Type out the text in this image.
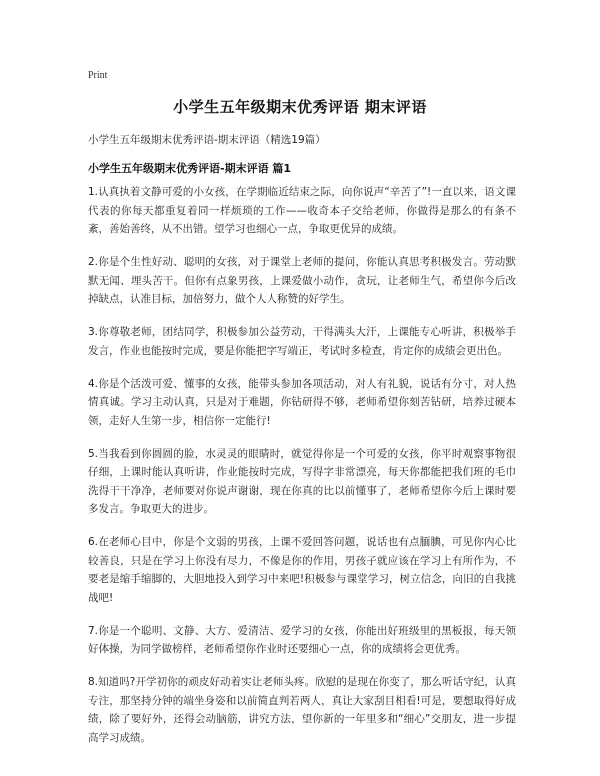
Print
小学生五年级期末优秀评语 期末评语
小学生五年级期末优秀评语-期末评语（精选19篇）
小学生五年级期末优秀评语-期末评语 篇1

1.认真执着文静可爱的小女孩，在学期临近结束之际，向你说声“辛苦了”!一直以来，语文课代表的你每天都重复着同一样烦琐的工作——收奇本子交给老师，你做得是那么的有条不紊，善始善终，从不出错。望学习也细心一点，争取更优异的成绩。

2.你是个生性好动、聪明的女孩，对于课堂上老师的提问，你能认真思考积极发言。劳动默默无闻、埋头苦干。但你有点象男孩，上课爱做小动作，贪玩，让老师生气，希望你今后改掉缺点，认准目标，加倍努力，做个人人称赞的好学生。

3.你尊敬老师，团结同学，积极参加公益劳动，干得满头大汗，上课能专心听讲，积极举手发言，作业也能按时完成，要是你能把字写端正，考试时多检查，肯定你的成绩会更出色。

4.你是个活泼可爱、懂事的女孩，能带头参加各项活动，对人有礼貌，说话有分寸，对人热情真诚。学习主动认真，只是对于难题，你钻研得不够，老师希望你刻苦钻研，培养过硬本领，走好人生第一步，相信你一定能行!

5.当我看到你圆圆的脸，水灵灵的眼睛时，就觉得你是一个可爱的女孩，你平时观察事物很仔细，上课时能认真听讲，作业能按时完成，写得字非常漂亮，每天你都能把我们班的毛巾洗得干干净净，老师要对你说声谢谢，现在你真的比以前懂事了，老师希望你今后上课时要多发言。争取更大的进步。

6.在老师心目中，你是个文弱的男孩，上课不爱回答问题，说话也有点腼腆，可见你内心比较善良，只是在学习上你没有尽力，不像是你的作用，男孩子就应该在学习上有所作为，不要老是缩手缩脚的，大胆地投入到学习中来吧!积极参与课堂学习，树立信念，向旧的自我挑战吧!

7.你是一个聪明、文静、大方、爱清洁、爱学习的女孩，你能出好班级里的黑板报，每天领好体操，为同学做榜样，老师希望你作业时还要细心一点，你的成绩将会更优秀。

8.知道吗?开学初你的顽皮好动着实让老师头疼。欣慰的是现在你变了，那么听话守纪，认真专注，那坚持分钟的端坐身姿和以前简直判若两人，真让大家刮目相看!可是，要想取得好成绩，除了要好外，还得会动脑筋，讲究方法，望你新的一年里多和“细心”交朋友，进一步提高学习成绩。
